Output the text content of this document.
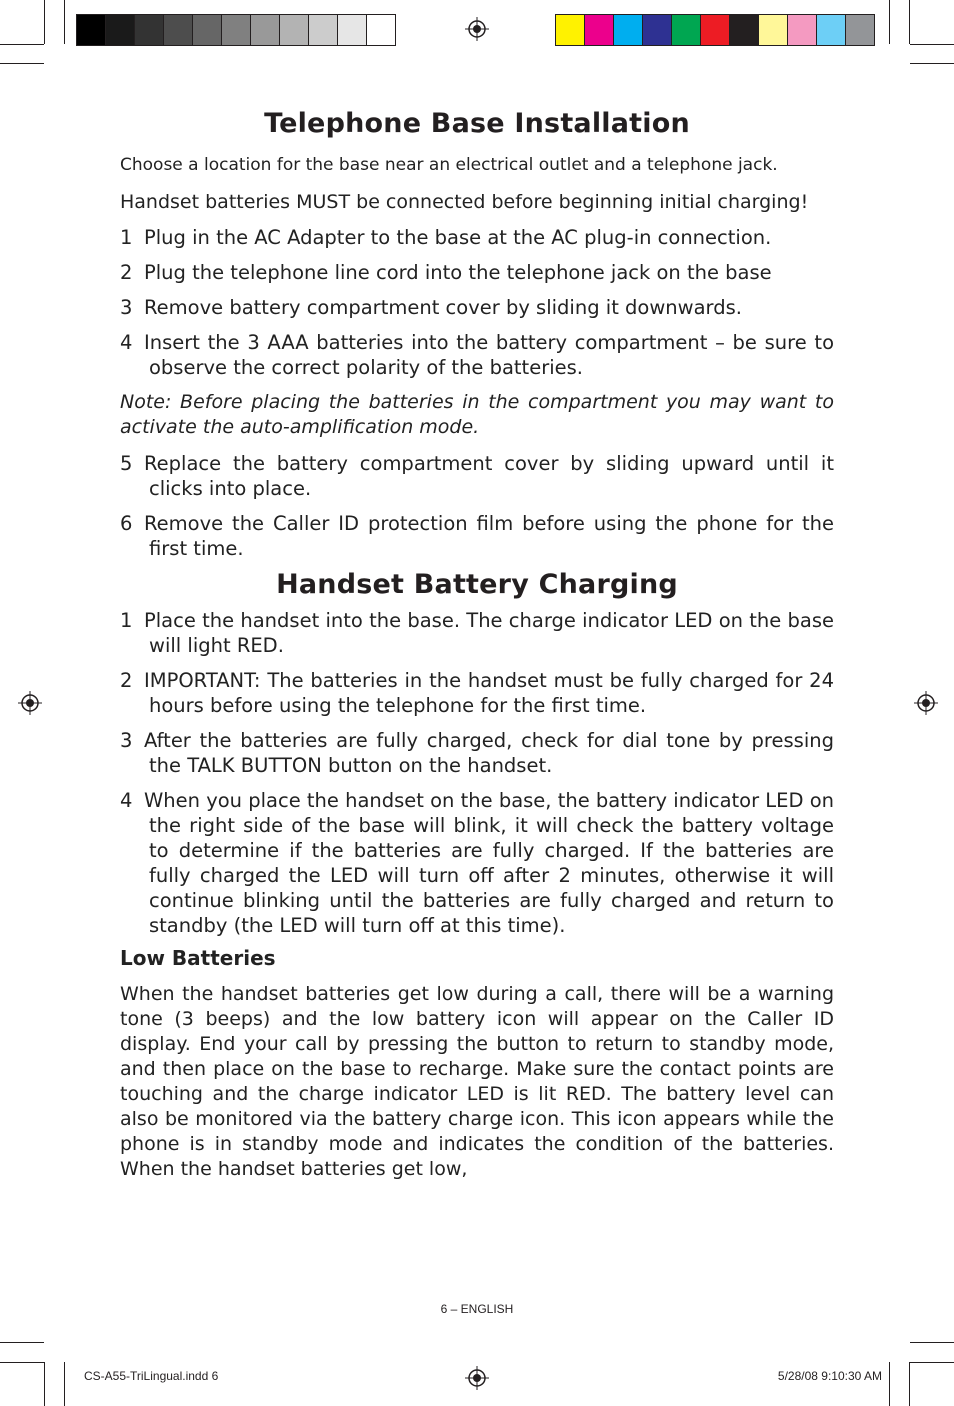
Telephone Base Installation

Choose a location for the base near an electrical outlet and a telephone jack.

Handset batteries MUST be connected before beginning initial charging!

1 Plug in the AC Adapter to the base at the AC plug-in connection.

2 Plug the telephone line cord into the telephone jack on the base

3 Remove battery compartment cover by sliding it downwards.

4 Insert the 3 AAA batteries into the battery compartment – be sure to observe the correct polarity of the batteries.

Note: Before placing the batteries in the compartment you may want to activate the auto-amplification mode.

5 Replace the battery compartment cover by sliding upward until it clicks into place.

6 Remove the Caller ID protection film before using the phone for the first time.

Handset Battery Charging

1 Place the handset into the base. The charge indicator LED on the base will light RED.

2 IMPORTANT: The batteries in the handset must be fully charged for 24 hours before using the telephone for the first time.

3 After the batteries are fully charged, check for dial tone by pressing the TALK BUTTON button on the handset.

4 When you place the handset on the base, the battery indicator LED on the right side of the base will blink, it will check the battery voltage to determine if the batteries are fully charged. If the batteries are fully charged the LED will turn off after 2 minutes, otherwise it will continue blinking until the batteries are fully charged and return to standby (the LED will turn off at this time).

Low Batteries

When the handset batteries get low during a call, there will be a warning tone (3 beeps) and the low battery icon will appear on the Caller ID display. End your call by pressing the button to return to standby mode, and then place on the base to recharge. Make sure the contact points are touching and the charge indicator LED is lit RED. The battery level can also be monitored via the battery charge icon. This icon appears while the phone is in standby mode and indicates the condition of the batteries. When the handset batteries get low,

6 – ENGLISH
CS-A55-TriLingual.indd 6	5/28/08 9:10:30 AM
